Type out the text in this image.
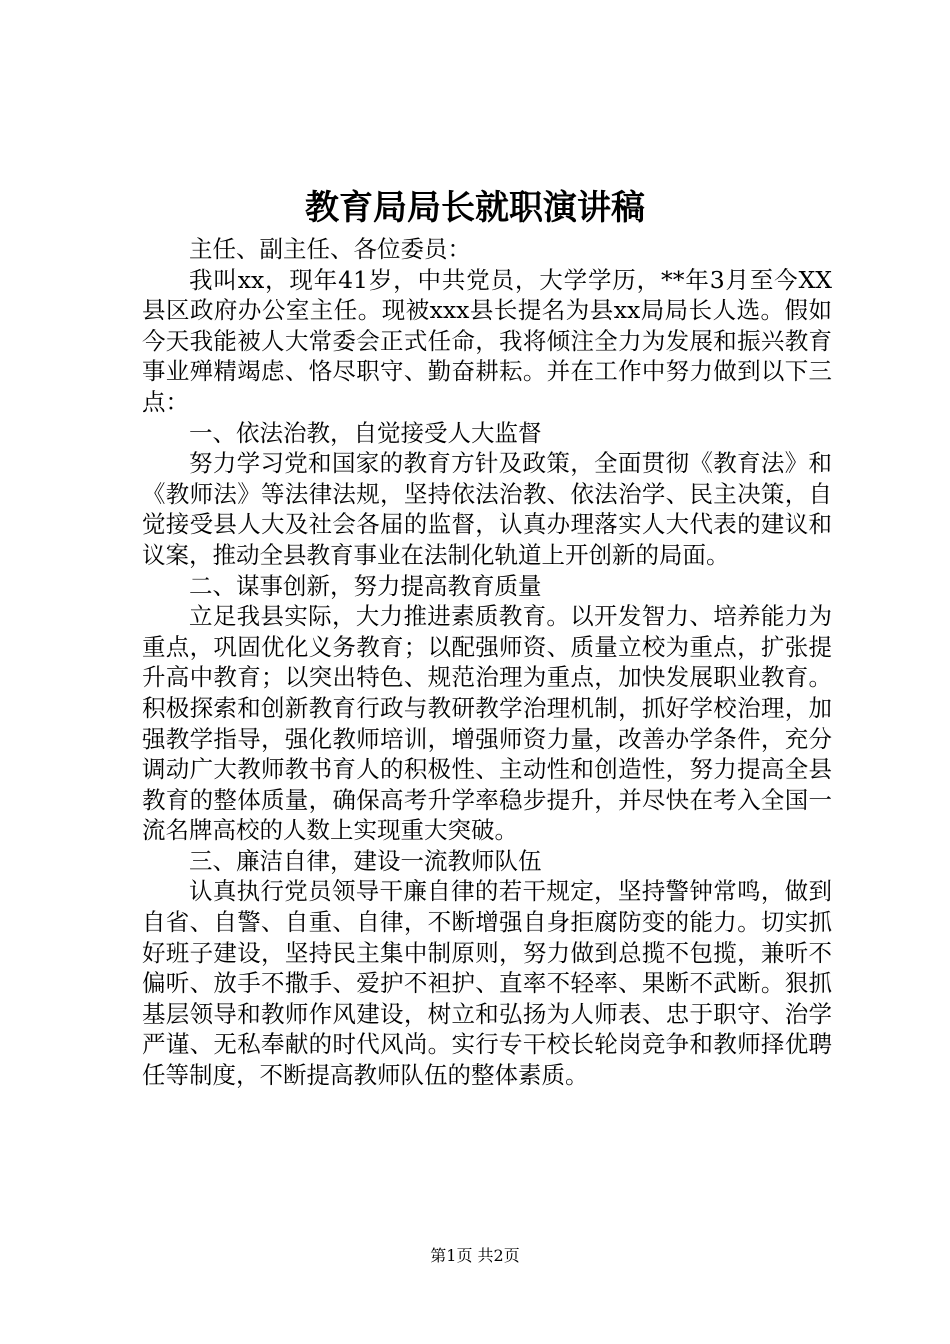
教育局局长就职演讲稿

主任、副主任、各位委员：

我叫xx，现年41岁，中共党员，大学学历，**年3月至今XX县区政府办公室主任。现被xxx县长提名为县xx局局长人选。假如今天我能被人大常委会正式任命，我将倾注全力为发展和振兴教育事业殚精竭虑、恪尽职守、勤奋耕耘。并在工作中努力做到以下三点：

一、依法治教，自觉接受人大监督

努力学习党和国家的教育方针及政策，全面贯彻《教育法》和《教师法》等法律法规，坚持依法治教、依法治学、民主决策，自觉接受县人大及社会各届的监督，认真办理落实人大代表的建议和议案，推动全县教育事业在法制化轨道上开创新的局面。

二、谋事创新，努力提高教育质量

立足我县实际，大力推进素质教育。以开发智力、培养能力为重点，巩固优化义务教育；以配强师资、质量立校为重点，扩张提升高中教育；以突出特色、规范治理为重点，加快发展职业教育。积极探索和创新教育行政与教研教学治理机制，抓好学校治理，加强教学指导，强化教师培训，增强师资力量，改善办学条件，充分调动广大教师教书育人的积极性、主动性和创造性，努力提高全县教育的整体质量，确保高考升学率稳步提升，并尽快在考入全国一流名牌高校的人数上实现重大突破。

三、廉洁自律，建设一流教师队伍

认真执行党员领导干廉自律的若干规定，坚持警钟常鸣，做到自省、自警、自重、自律，不断增强自身拒腐防变的能力。切实抓好班子建设，坚持民主集中制原则，努力做到总揽不包揽，兼听不偏听、放手不撒手、爱护不袒护、直率不轻率、果断不武断。狠抓基层领导和教师作风建设，树立和弘扬为人师表、忠于职守、治学严谨、无私奉献的时代风尚。实行专干校长轮岗竞争和教师择优聘任等制度，不断提高教师队伍的整体素质。

第1页 共2页
